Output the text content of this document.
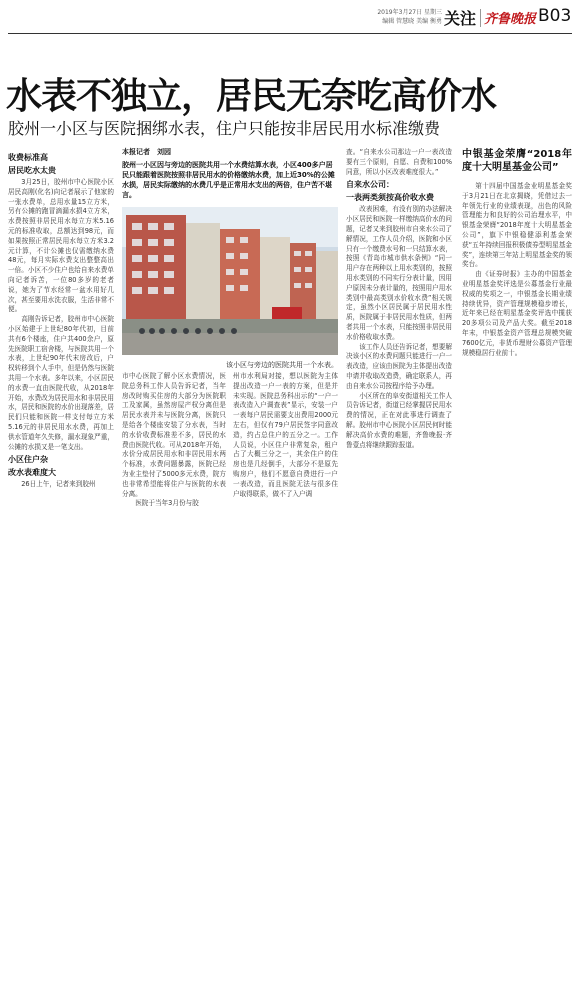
2019年3月27日 星期三
编辑 管慧晓 美编 衡勇 关注 齐鲁晚报 B03
水表不独立，居民无奈吃高价水
胶州一小区与医院捆绑水表，住户只能按非居民用水标准缴费
收费标准高
居民吃水太贵

3月25日，胶州市中心医院小区居民高刚(化名)向记者展示了他家的一张水费单，总用水量15立方米，另有公摊的跑冒滴漏水损4立方米，水费按照非居民用水每立方米5.16元的标准收取，总额达到98元，而如果按照正常居民用水每立方米3.2元计算，不计公摊也仅需缴纳水费48元，每月实际水费支出整整高出一倍。小区不少住户也给自来水费单向记者诉苦，一位80多岁的老者说，她为了节水经常一盆水用好几次，甚至要用水洗衣服，生活非常不便。

高刚告诉记者，胶州市中心医院小区始建于上世纪80年代初，目前共有6个楼座，住户共400余户，原先医院职工宿舍楼，与医院共用一个水表，上世纪90年代末房改后，户权转移到个人手中，但是仍然与医院共用一个水表。多年以来，小区居民的水费一直由医院代收，从2018年开始，水费改为居民用水和非居民用水，居民和医院的水价出现落差，居民们只能和医院一样支付每立方米5.16元的非居民用水水费，再加上供水管道年久失修，漏水现象严重，公摊的水损又是一笔支出。

小区住户杂
改水表难度大

26日上午，记者来到胶州

本报记者　刘园
胶州一小区因与旁边的医院共用一个水费结算水表，小区400多户居民只能跟着医院按照非居民用水的价格缴纳水费，加上近30%的公摊水损，居民实际缴纳的水费几乎是正常用水支出的两倍，住户苦不堪言。
该小区与旁边的医院共用一个水表。

市中心医院了解小区水费情况，医院总务科工作人员告诉记者，当年房改时购买住房的大部分为医院职工及家属，虽然房屋产权分离但是居民水表并未与医院分离，医院只是给各个楼座安装了分水表，当时的水价收费标准差不多，居民的水费由医院代收。可从2018年开始，水价分成居民用水和非居民用水两个标准，水费问题暴露，医院已经为业主垫付了5000多元水费，院方也非常希望能将住户与医院的水表分离。

医院于当年3月份与胶

州市水利局对接，想以医院为主体提出改造一户一表的方案，但是并未实现。医院总务科出示的“一户一表改造入户调查表”显示，安装一户一表每户居民需要支出费用2000元左右，但仅有79户居民签字同意改造，约占总住户的五分之一。工作人员说，小区住户非常复杂，租户占了大概三分之一，其余住户的住房也是几经倒手，大部分不是原先购房户，他们不愿意自费进行一户一表改造，而且医院无法与很多住户取得联系，做不了入户调

查。“自来水公司那边一户一表改造要有三个原则，自愿、自费和100%同意，所以小区改表难度很大。”

自来水公司：
一表两类须按高价收水费

改表困难，有没有别的办法解决小区居民和医院一样缴纳高价水的问题，记者又来到胶州市自来水公司了解情况，工作人员介绍，医院和小区只有一个缴费水号和一只结算水表，按照《青岛市城市供水条例》“同一用户存在两种以上用水类别的，按照用水类别的不同实行分表计量，因用户原因未分表计量的，按照用户用水类别中最高类别水价收水费”相关规定，虽然小区居民属于居民用水性质，医院属于非居民用水性质，但两者共用一个水表，只能按照非居民用水价格收取水费。

该工作人员还告诉记者，想要解决该小区的水费问题只能进行一户一表改造，应该由医院为主体提出改造申请并收取改造费，确定联系人，再由自来水公司按程序给予办理。

小区所在的阜安街道相关工作人员告诉记者，街道已经掌握居民用水费的情况，正在对此事进行调查了解。胶州市中心医院小区居民何时能解决高价水费的难题，齐鲁晚报·齐鲁壹点将继续跟踪报道。

中银基金荣膺“2018年度十大明星基金公司”

第十四届中国基金业明星基金奖于3月21日在北京揭晓，凭借过去一年领先行业的业绩表现，出色的风险管理能力和良好的公司治理水平，中银基金荣膺“2018年度十大明星基金公司”，旗下中银稳健添利基金荣获“五年持续回报积极债券型明星基金奖”，连续第三年站上明星基金奖的领奖台。

由《证券时报》主办的中国基金业明星基金奖评选是公募基金行业最权威的奖项之一，中银基金长期业绩持续优异，资产管理规模稳步增长，近年来已经在明星基金奖评选中揽获20多项公司及产品大奖。截至2018年末，中银基金资产管理总规模突破7600亿元，非货币理财公募资产管理规模稳居行业前十。
